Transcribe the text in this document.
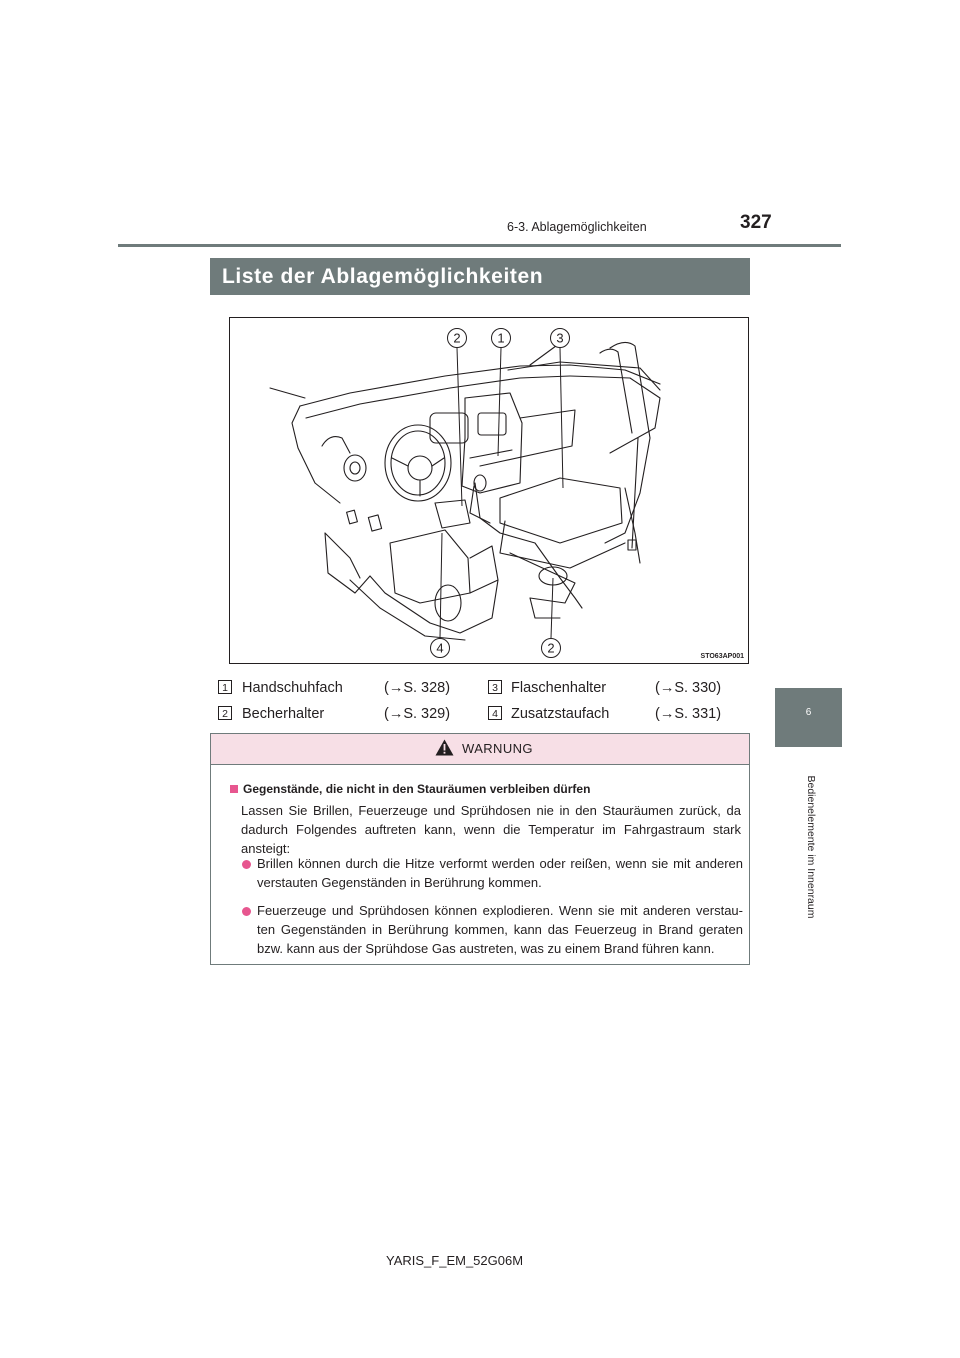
6-3. Ablagemöglichkeiten	327
Liste der Ablagemöglichkeiten
6
Bedienelemente im Innenraum
2	1	3
4	2
STO63AP001
1 Handschuhfach	(→S. 328)
2 Becherhalter	(→S. 329)
3 Flaschenhalter	(→S. 330)
4 Zusatzstaufach	(→S. 331)
WARNUNG
Gegenstände, die nicht in den Stauräumen verbleiben dürfen
Lassen Sie Brillen, Feuerzeuge und Sprühdosen nie in den Stauräumen zurück, da dadurch Folgendes auftreten kann, wenn die Temperatur im Fahrgastraum stark ansteigt:
Brillen können durch die Hitze verformt werden oder reißen, wenn sie mit anderen verstauten Gegenständen in Berührung kommen.
Feuerzeuge und Sprühdosen können explodieren. Wenn sie mit anderen verstau-ten Gegenständen in Berührung kommen, kann das Feuerzeug in Brand geraten bzw. kann aus der Sprühdose Gas austreten, was zu einem Brand führen kann.
YARIS_F_EM_52G06M
